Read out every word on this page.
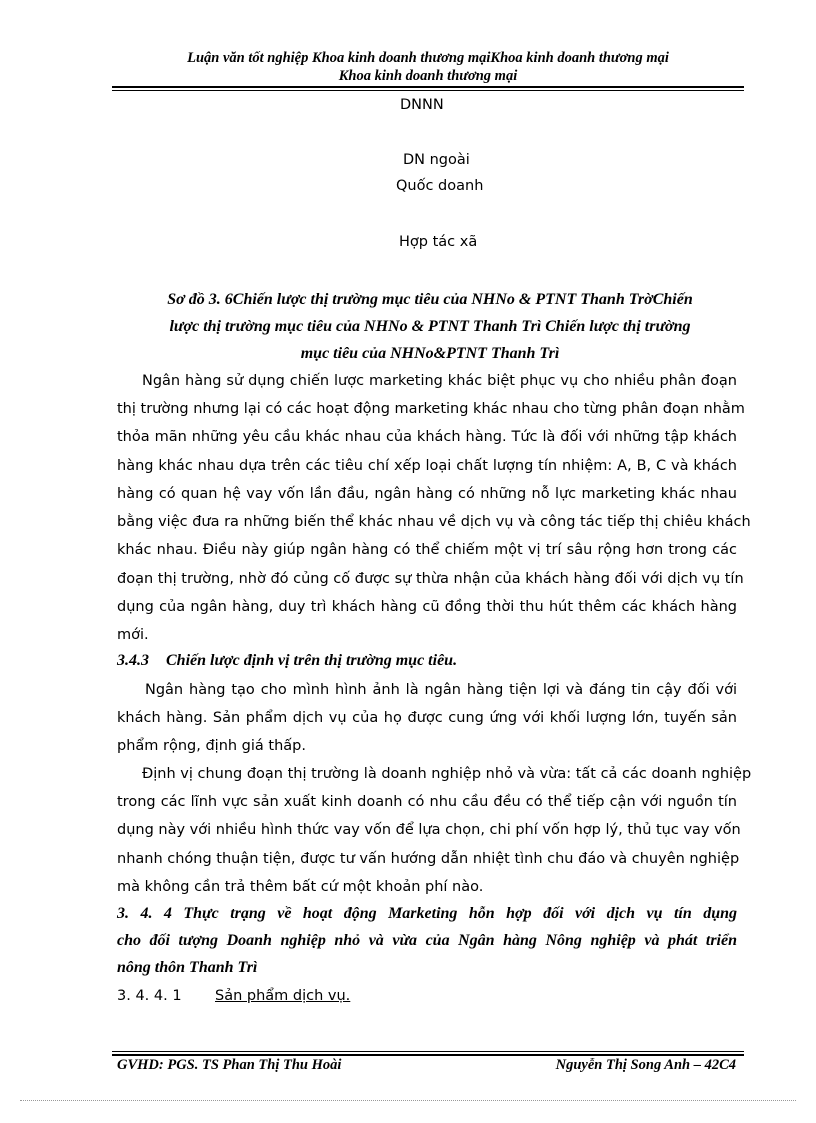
Luận văn tốt nghiệp Khoa kinh doanh thương mạiKhoa kinh doanh thương mại
Khoa kinh doanh thương mại
DNNN
DN ngoài
Quốc doanh
Hợp tác xã
Sơ đồ 3. 6Chiến lược thị trường mục tiêu của NHNo & PTNT Thanh TrờChiến
lược thị trường mục tiêu của NHNo & PTNT Thanh Trì Chiến lược thị trường
mục tiêu của NHNo&PTNT Thanh Trì
Ngân hàng sử dụng chiến lược marketing khác biệt phục vụ cho nhiều phân đoạn
thị trường nhưng lại có các hoạt động marketing khác nhau cho từng phân đoạn nhằm
thỏa mãn những yêu cầu khác nhau của khách hàng. Tức là đối với những tập khách
hàng khác nhau dựa trên các tiêu chí xếp loại chất lượng tín nhiệm: A, B, C và khách
hàng có quan hệ vay vốn lần đầu, ngân hàng có những nỗ lực marketing khác nhau
bằng việc đưa ra những biến thể khác nhau về dịch vụ và công tác tiếp thị chiêu khách
khác nhau. Điều này giúp ngân hàng có thể chiếm một vị trí sâu rộng hơn trong các
đoạn thị trường, nhờ đó củng cố được sự thừa nhận của khách hàng đối với dịch vụ tín
dụng của ngân hàng, duy trì khách hàng cũ đồng thời thu hút thêm các khách hàng
mới.
3.4.3 Chiến lược định vị trên thị trường mục tiêu.
Ngân hàng tạo cho mình hình ảnh là ngân hàng tiện lợi và đáng tin cậy đối với
khách hàng. Sản phẩm dịch vụ của họ được cung ứng với khối lượng lớn, tuyến sản
phẩm rộng, định giá thấp.
Định vị chung đoạn thị trường là doanh nghiệp nhỏ và vừa: tất cả các doanh nghiệp
trong các lĩnh vực sản xuất kinh doanh có nhu cầu đều có thể tiếp cận với nguồn tín
dụng này với nhiều hình thức vay vốn để lựa chọn, chi phí vốn hợp lý, thủ tục vay vốn
nhanh chóng thuận tiện, được tư vấn hướng dẫn nhiệt tình chu đáo và chuyên nghiệp
mà không cần trả thêm bất cứ một khoản phí nào.
3. 4. 4 Thực trạng về hoạt động Marketing hỗn hợp đối với dịch vụ tín dụng
cho đối tượng Doanh nghiệp nhỏ và vừa của Ngân hàng Nông nghiệp và phát triển
nông thôn Thanh Trì
3. 4. 4. 1 Sản phẩm dịch vụ.
GVHD: PGS. TS Phan Thị Thu Hoài	Nguyễn Thị Song Anh – 42C4
